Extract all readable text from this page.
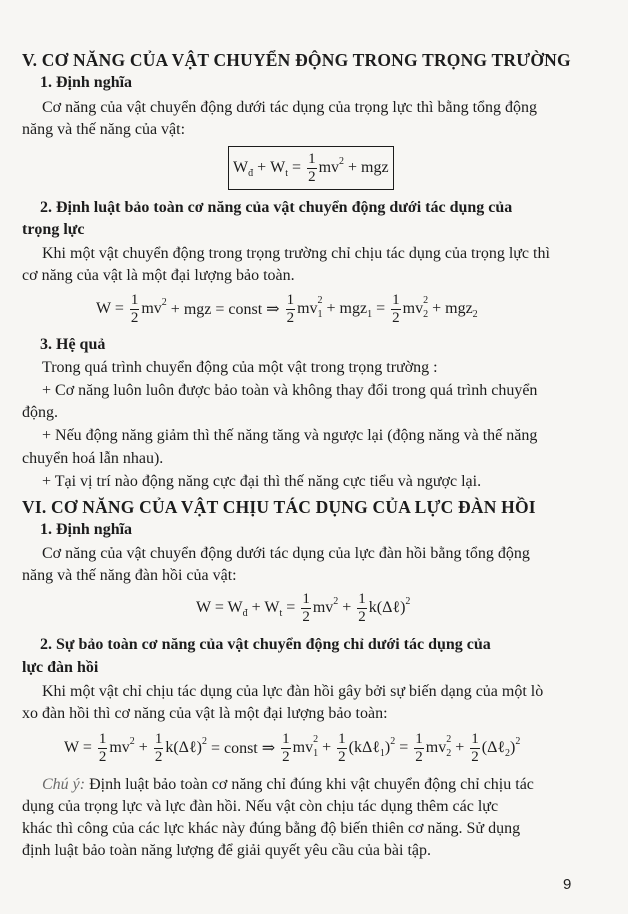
V. CƠ NĂNG CỦA VẬT CHUYỂN ĐỘNG TRONG TRỌNG TRƯỜNG
1. Định nghĩa
Cơ năng của vật chuyển động dưới tác dụng của trọng lực thì bằng tổng động
năng và thế năng của vật:
W đ + W $t = \frac{1}{2}$ mv 2 + mgz
2. Định luật bảo toàn cơ năng của vật chuyển động dưới tác dụng của
trọng lực
Khi một vật chuyển động trong trọng trường chỉ chịu tác dụng của trọng lực thì
cơ năng của vật là một đại lượng bảo toàn.
$W = \frac{1}{2}$ mv 2 + mgz = const ⇒ $\frac{1}{2}$ mv 2
1 + mgz $1 = \frac{1}{2}$ mv 2
2 + mgz 2
3. Hệ quả
Trong quá trình chuyển động của một vật trong trọng trường :
+ Cơ năng luôn luôn được bảo toàn và không thay đổi trong quá trình chuyển
động.
+ Nếu động năng giảm thì thế năng tăng và ngược lại (động năng và thế năng
chuyển hoá lẫn nhau).
+ Tại vị trí nào động năng cực đại thì thế năng cực tiểu và ngược lại.
VI. CƠ NĂNG CỦA VẬT CHỊU TÁC DỤNG CỦA LỰC ĐÀN HỒI
1. Định nghĩa
Cơ năng của vật chuyển động dưới tác dụng của lực đàn hồi bằng tổng động
năng và thế năng đàn hồi của vật:
W = W đ + W $t = \frac{1}{2}$ mv $2 + \frac{1}{2}$ k(Δℓ) 2
2. Sự bảo toàn cơ năng của vật chuyển động chỉ dưới tác dụng của
lực đàn hồi
Khi một vật chỉ chịu tác dụng của lực đàn hồi gây bởi sự biến dạng của một lò
xo đàn hồi thì cơ năng của vật là một đại lượng bảo toàn:
$W = \frac{1}{2}$ mv $2 + \frac{1}{2}$ k(Δℓ) 2 = const ⇒ $\frac{1}{2}$ mv 2
$1 + \frac{1}{2}$ (kΔℓ 1 ) $2 = \frac{1}{2}$ mv 2
$2 + \frac{1}{2}$ (Δℓ 2 ) 2
Chú ý: Định luật bảo toàn cơ năng chỉ đúng khi vật chuyển động chỉ chịu tác
dụng của trọng lực và lực đàn hồi. Nếu vật còn chịu tác dụng thêm các lực
khác thì công của các lực khác này đúng bằng độ biến thiên cơ năng. Sử dụng
định luật bảo toàn năng lượng để giải quyết yêu cầu của bài tập.
9
